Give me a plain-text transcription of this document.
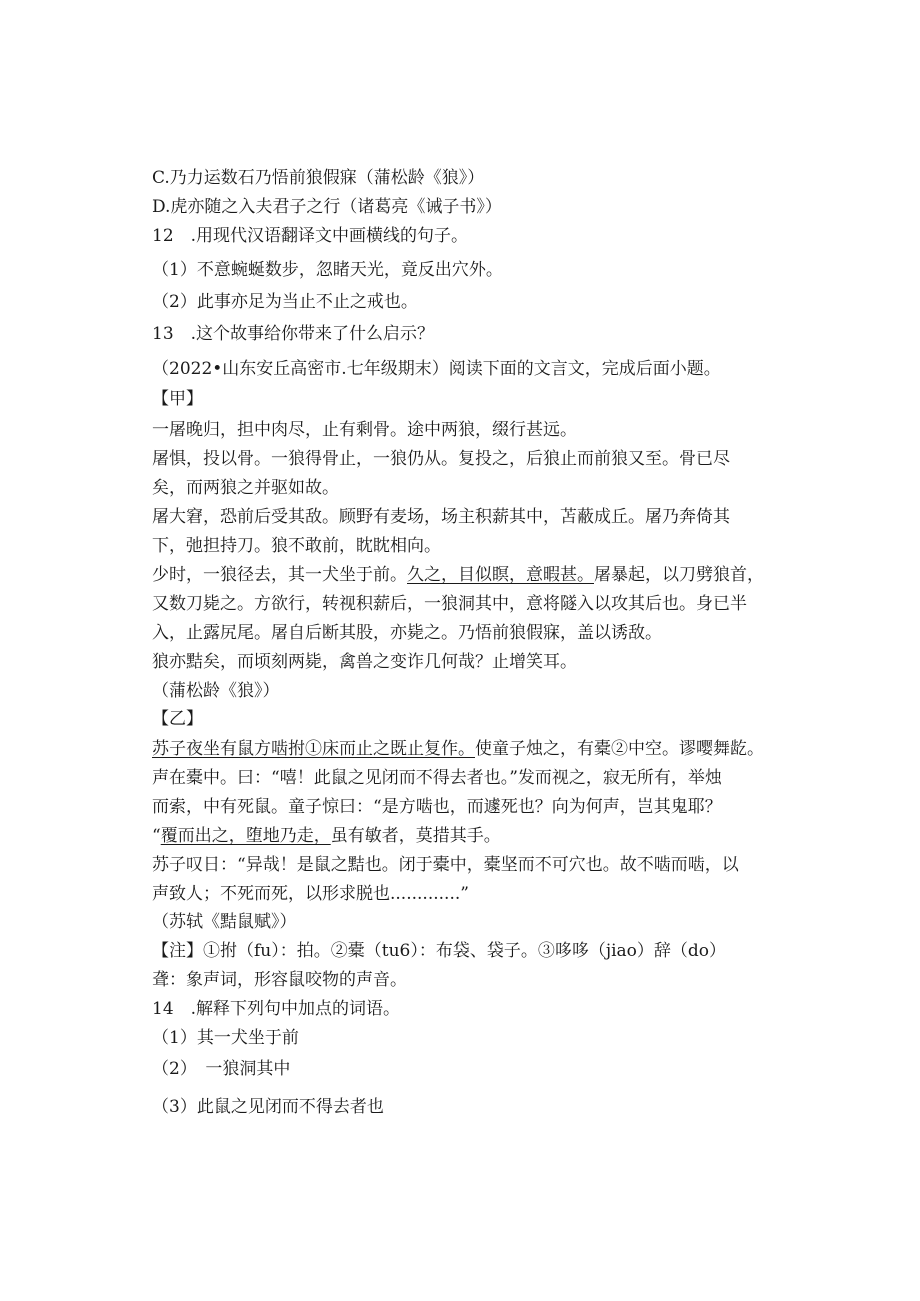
C.乃力运数石乃悟前狼假寐（蒲松龄《狼》）
D.虎亦随之入夫君子之行（诸葛亮《诫子书》）
12　.用现代汉语翻译文中画横线的句子。
（1）不意蜿蜒数步，忽睹天光，竟反出穴外。
（2）此事亦足为当止不止之戒也。
13　.这个故事给你带来了什么启示？
（2022•山东安丘高密市.七年级期末）阅读下面的文言文，完成后面小题。
【甲】
一屠晚归，担中肉尽，止有剩骨。途中两狼，缀行甚远。
屠惧，投以骨。一狼得骨止，一狼仍从。复投之，后狼止而前狼又至。骨已尽
矣，而两狼之并驱如故。
屠大窘，恐前后受其敌。顾野有麦场，场主积薪其中，苫蔽成丘。屠乃奔倚其
下，弛担持刀。狼不敢前，眈眈相向。
少时，一狼径去，其一犬坐于前。久之，目似瞑，意暇甚。屠暴起，以刀劈狼首，
又数刀毙之。方欲行，转视积薪后，一狼洞其中，意将隧入以攻其后也。身已半
入，止露尻尾。屠自后断其股，亦毙之。乃悟前狼假寐，盖以诱敌。
狼亦黠矣，而顷刻两毙，禽兽之变诈几何哉？止增笑耳。
（蒲松龄《狼》）
【乙】
苏子夜坐有鼠方啮拊①床而止之既止复作。使童子烛之，有橐②中空。谬嘤舞龁。
声在橐中。曰：“嘻！此鼠之见闭而不得去者也。”发而视之，寂无所有，举烛
而索，中有死鼠。童子惊曰：“是方啮也，而遽死也？向为何声，岂其鬼耶？
“覆而出之，堕地乃走，虽有敏者，莫措其手。
苏子叹日：“异哉！是鼠之黠也。闭于橐中，橐坚而不可穴也。故不啮而啮，以
声致人；不死而死，以形求脱也.............”
（苏轼《黠鼠赋》）
【注】①拊（fu）：拍。②橐（tu6）：布袋、袋子。③哆哆（jiao）辞（do）
聋：象声词，形容鼠咬物的声音。
14　.解释下列句中加点的词语。
（1）其一犬坐于前
（2）　一狼洞其中
（3）此鼠之见闭而不得去者也
